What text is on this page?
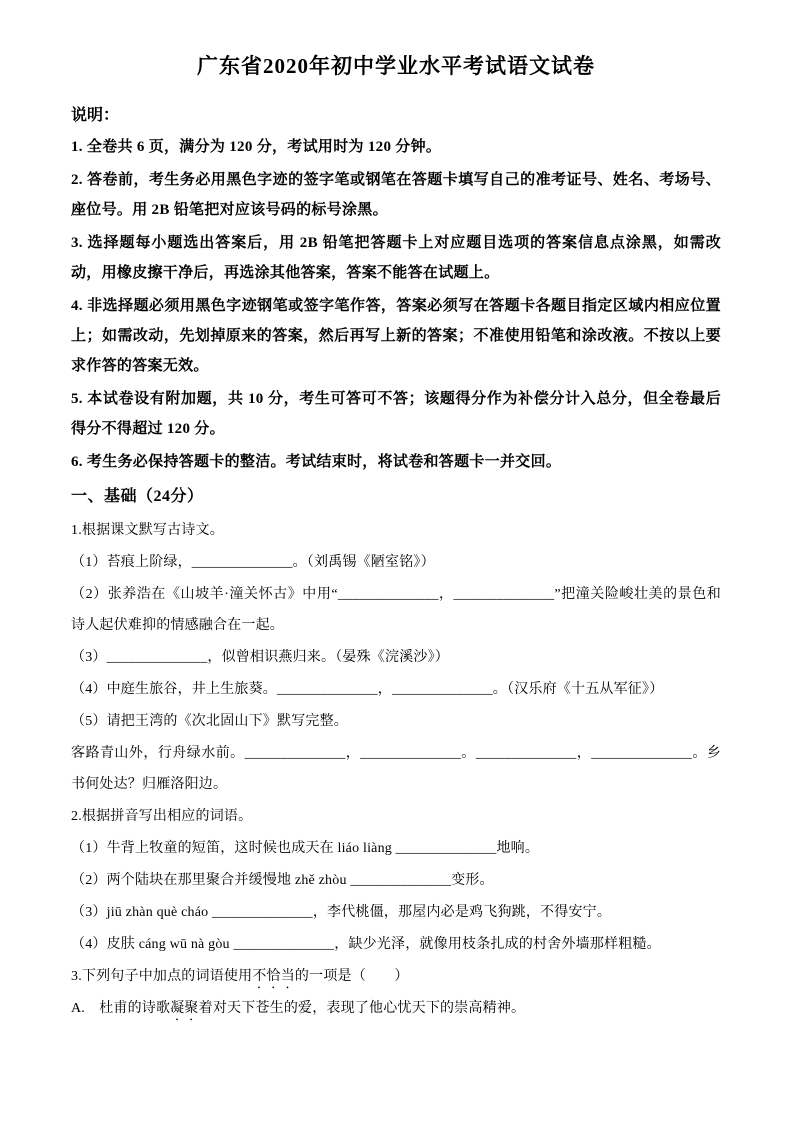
广东省2020年初中学业水平考试语文试卷

说明：

1. 全卷共 6 页，满分为 120 分，考试用时为 120 分钟。

2. 答卷前，考生务必用黑色字迹的签字笔或钢笔在答题卡填写自己的准考证号、姓名、考场号、座位号。用 2B 铅笔把对应该号码的标号涂黑。

3. 选择题每小题选出答案后，用 2B 铅笔把答题卡上对应题目选项的答案信息点涂黑，如需改动，用橡皮擦干净后，再选涂其他答案，答案不能答在试题上。

4. 非选择题必须用黑色字迹钢笔或签字笔作答，答案必须写在答题卡各题目指定区域内相应位置上；如需改动，先划掉原来的答案，然后再写上新的答案；不准使用铅笔和涂改液。不按以上要求作答的答案无效。

5. 本试卷设有附加题，共 10 分，考生可答可不答；该题得分作为补偿分计入总分，但全卷最后得分不得超过 120 分。

6. 考生务必保持答题卡的整洁。考试结束时，将试卷和答题卡一并交回。

一、基础（24分）

1.根据课文默写古诗文。

（1）苔痕上阶绿，______________。（刘禹锡《陋室铭》）

（2）张养浩在《山坡羊·潼关怀古》中用“______________，______________”把潼关险峻壮美的景色和诗人起伏难抑的情感融合在一起。

（3）______________，似曾相识燕归来。（晏殊《浣溪沙》）

（4）中庭生旅谷，井上生旅葵。______________，______________。（汉乐府《十五从军征》）

（5）请把王湾的《次北固山下》默写完整。

客路青山外，行舟绿水前。______________，______________。______________，______________。乡书何处达？归雁洛阳边。

2.根据拼音写出相应的词语。

（1）牛背上牧童的短笛，这时候也成天在 liáo liàng ______________地响。

（2）两个陆块在那里聚合并缓慢地 zhě zhòu ______________变形。

（3）jiū zhàn què cháo ______________，李代桃僵，那屋内必是鸡飞狗跳，不得安宁。

（4）皮肤 cáng wū nà gòu ______________，缺少光泽，就像用枝条扎成的村舍外墙那样粗糙。

3.下列句子中加点的词语使用不恰当的一项是（　　）

A.　杜甫的诗歌凝聚着对天下苍生的爱，表现了他心忧天下的崇高精神。
